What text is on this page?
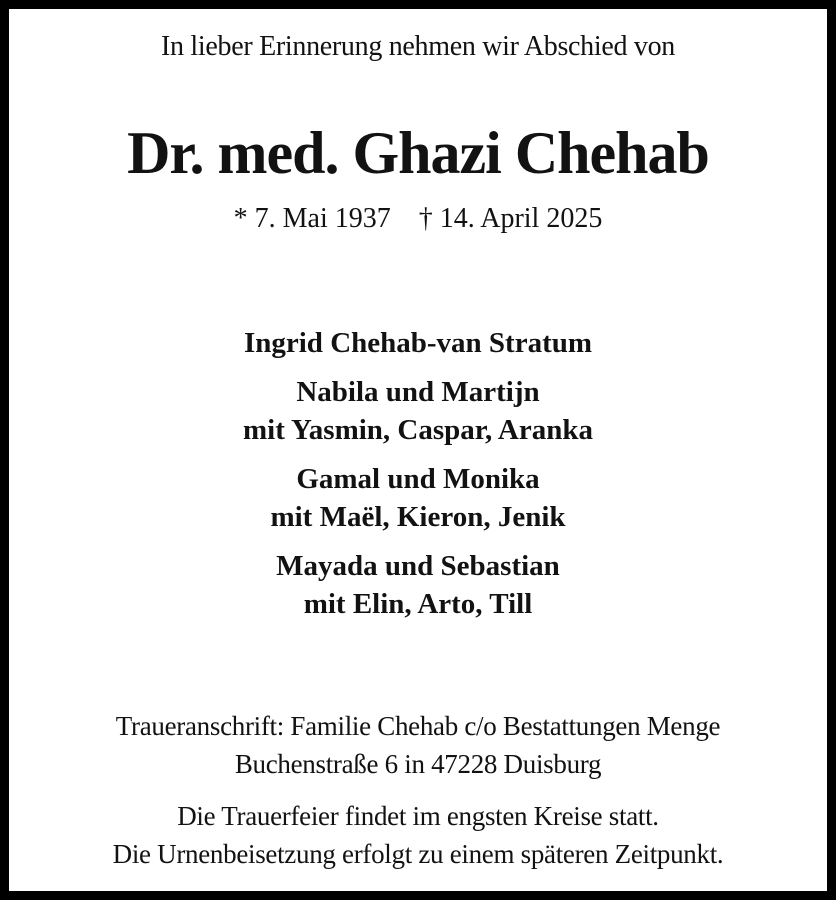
In lieber Erinnerung nehmen wir Abschied von
Dr. med. Ghazi Chehab
* 7. Mai 1937 † 14. April 2025
Ingrid Chehab-van Stratum
Nabila und Martijn
mit Yasmin, Caspar, Aranka
Gamal und Monika
mit Maël, Kieron, Jenik
Mayada und Sebastian
mit Elin, Arto, Till
Traueranschrift: Familie Chehab c/o Bestattungen Menge
Buchenstraße 6 in 47228 Duisburg
Die Trauerfeier findet im engsten Kreise statt.
Die Urnenbeisetzung erfolgt zu einem späteren Zeitpunkt.
